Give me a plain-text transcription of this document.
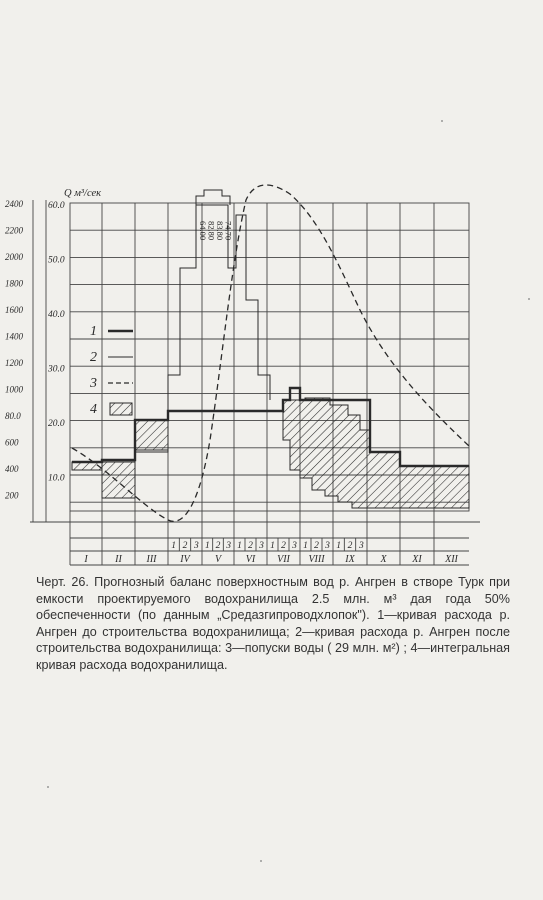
2400
2200
2000
1800
1600
1400
1200
1000
80.0
600
400
200
60.0
50.0
40.0
30.0
20.0
10.0
Q м³/сек
1
2
3
4
64.00
82.80
83.80
74.70
1 2 3 1 2 3 1 2 3 1 2 3 1 2 3 1 2 3
I	II III IV	V VI VII VIII IX	X	XI XII

Черт. 26. Прогнозный баланс поверхностным вод р. Ангрен в створе Турк при емкости проектируемого водохранилища 2.5 млн. м³ дая года 50% обеспеченности (по данным „Средазгипроводхлопок"). 1—кривая расхода р. Ангрен до строительства водохранилища; 2—кривая расхода р. Ангрен после строительства водохранилища: 3—попуски воды ( 29 млн. м²) ; 4—интегральная кривая расхода водохранилища.
